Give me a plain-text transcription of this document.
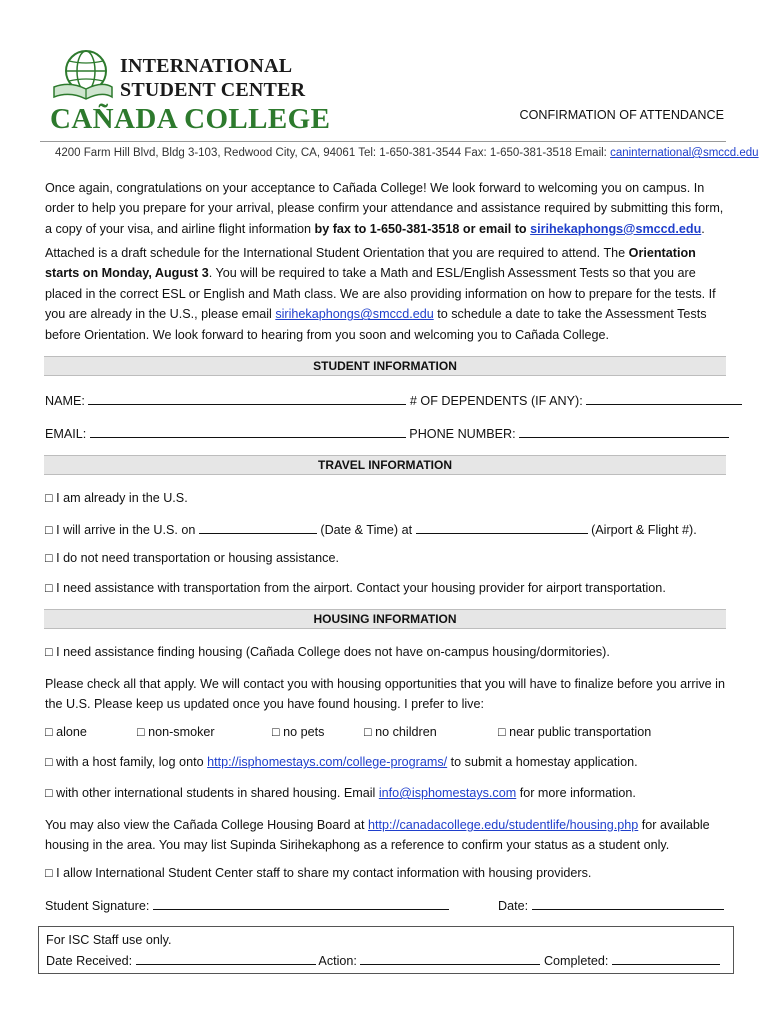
INTERNATIONAL
STUDENT CENTER
CAÑADA COLLEGE	CONFIRMATION OF ATTENDANCE
4200 Farm Hill Blvd, Bldg 3-103, Redwood City, CA, 94061 Tel: 1-650-381-3544 Fax: 1-650-381-3518 Email: caninternational@smccd.edu
Once again, congratulations on your acceptance to Cañada College! We look forward to welcoming you on campus. In order to help you prepare for your arrival, please confirm your attendance and assistance required by submitting this form, a copy of your visa, and airline flight information by fax to 1-650-381-3518 or email to sirihekaphongs@smccd.edu.
Attached is a draft schedule for the International Student Orientation that you are required to attend. The Orientation starts on Monday, August 3. You will be required to take a Math and ESL/English Assessment Tests so that you are placed in the correct ESL or English and Math class. We are also providing information on how to prepare for the tests. If you are already in the U.S., please email sirihekaphongs@smccd.edu to schedule a date to take the Assessment Tests before Orientation. We look forward to hearing from you soon and welcoming you to Cañada College.
STUDENT INFORMATION
NAME:	# OF DEPENDENTS (IF ANY):
EMAIL:	PHONE NUMBER:
TRAVEL INFORMATION
□ I am already in the U.S.
□ I will arrive in the U.S. on	(Date & Time) at	(Airport & Flight #).
□ I do not need transportation or housing assistance.
□ I need assistance with transportation from the airport. Contact your housing provider for airport transportation.
HOUSING INFORMATION
□ I need assistance finding housing (Cañada College does not have on-campus housing/dormitories).
Please check all that apply. We will contact you with housing opportunities that you will have to finalize before you arrive in the U.S. Please keep us updated once you have found housing. I prefer to live:
□ alone	□ non-smoker	□ no pets	□ no children	□ near public transportation
□ with a host family, log onto http://isphomestays.com/college-programs/ to submit a homestay application.
□ with other international students in shared housing. Email info@isphomestays.com for more information.
You may also view the Cañada College Housing Board at http://canadacollege.edu/studentlife/housing.php for available housing in the area. You may list Supinda Sirihekaphong as a reference to confirm your status as a student only.
□ I allow International Student Center staff to share my contact information with housing providers.
Student Signature:	Date:
For ISC Staff use only.
Date Received:	Action:	Completed:
